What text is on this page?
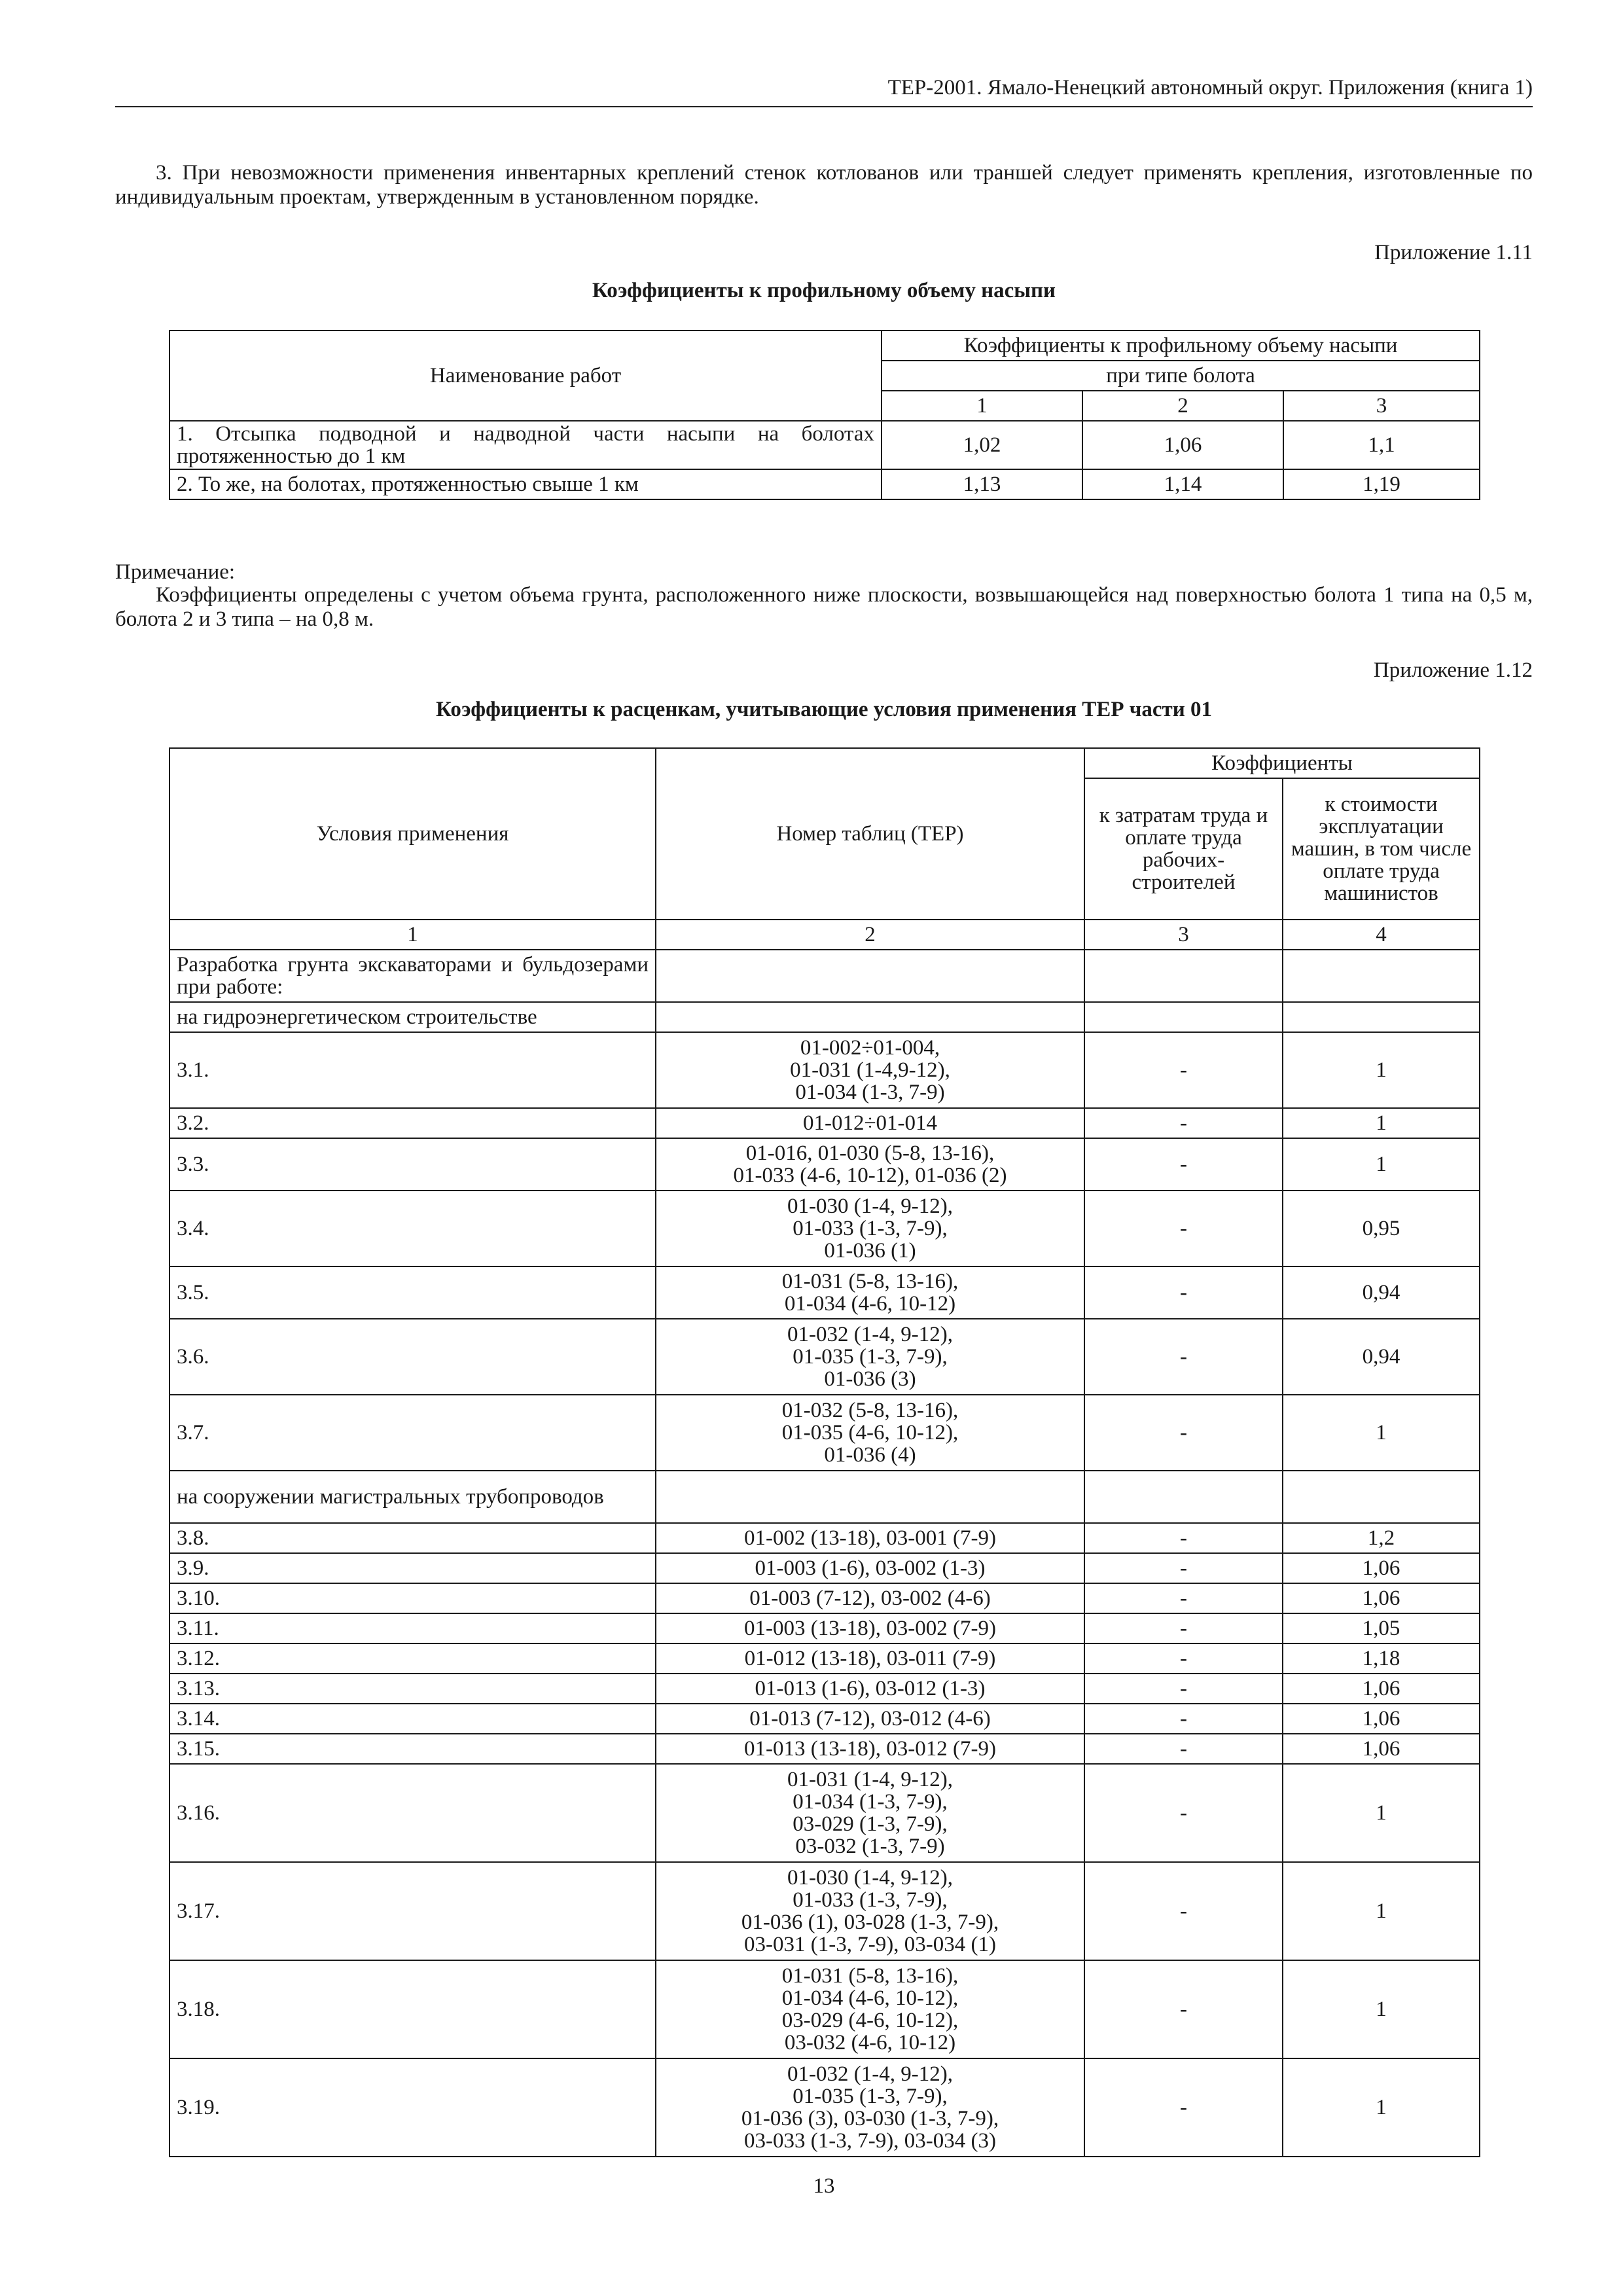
ТЕР-2001. Ямало-Ненецкий автономный округ. Приложения (книга 1)
3. При невозможности применения инвентарных креплений стенок котлованов или траншей следует применять крепления, изготовленные по индивидуальным проектам, утвержденным в установленном порядке.
Приложение 1.11
Коэффициенты к профильному объему насыпи
Наименование работ	Коэффициенты к профильному объему насыпи		
	при типе болота		
	1	2	3
1. Отсыпка подводной и надводной части насыпи на болотах протяженностью до 1 км	1,02	1,06	1,1
2. То же, на болотах, протяженностью свыше 1 км	1,13	1,14	1,19
Примечание:
Коэффициенты определены с учетом объема грунта, расположенного ниже плоскости, возвышающейся над поверхностью болота 1 типа на 0,5 м, болота 2 и 3 типа – на 0,8 м.
Приложение 1.12
Коэффициенты к расценкам, учитывающие условия применения ТЕР части 01
Условия применения	Номер таблиц (ТЕР)	Коэффициенты	
		к затратам труда и оплате труда рабочих-строителей	к стоимости эксплуатации машин, в том числе оплате труда машинистов
1	2	3	4
Разработка грунта экскаваторами и бульдозерами при работе:			
на гидроэнергетическом строительстве			
3.1.	01-002÷01-004,
01-031 (1-4,9-12),
01-034 (1-3, 7-9)	-	1
3.2.	01-012÷01-014	-	1
3.3.	01-016, 01-030 (5-8, 13-16),
01-033 (4-6, 10-12), 01-036 (2)	-	1
3.4.	01-030 (1-4, 9-12),
01-033 (1-3, 7-9),
01-036 (1)	-	0,95
3.5.	01-031 (5-8, 13-16),
01-034 (4-6, 10-12)	-	0,94
3.6.	01-032 (1-4, 9-12),
01-035 (1-3, 7-9),
01-036 (3)	-	0,94
3.7.	01-032 (5-8, 13-16),
01-035 (4-6, 10-12),
01-036 (4)	-	1
на сооружении магистральных трубопроводов			
3.8.	01-002 (13-18), 03-001 (7-9)	-	1,2
3.9.	01-003 (1-6), 03-002 (1-3)	-	1,06
3.10.	01-003 (7-12), 03-002 (4-6)	-	1,06
3.11.	01-003 (13-18), 03-002 (7-9)	-	1,05
3.12.	01-012 (13-18), 03-011 (7-9)	-	1,18
3.13.	01-013 (1-6), 03-012 (1-3)	-	1,06
3.14.	01-013 (7-12), 03-012 (4-6)	-	1,06
3.15.	01-013 (13-18), 03-012 (7-9)	-	1,06
3.16.	01-031 (1-4, 9-12),
01-034 (1-3, 7-9),
03-029 (1-3, 7-9),
03-032 (1-3, 7-9)	-	1
3.17.	01-030 (1-4, 9-12),
01-033 (1-3, 7-9),
01-036 (1), 03-028 (1-3, 7-9),
03-031 (1-3, 7-9), 03-034 (1)	-	1
3.18.	01-031 (5-8, 13-16),
01-034 (4-6, 10-12),
03-029 (4-6, 10-12),
03-032 (4-6, 10-12)	-	1
3.19.	01-032 (1-4, 9-12),
01-035 (1-3, 7-9),
01-036 (3), 03-030 (1-3, 7-9),
03-033 (1-3, 7-9), 03-034 (3)	-	1
13
